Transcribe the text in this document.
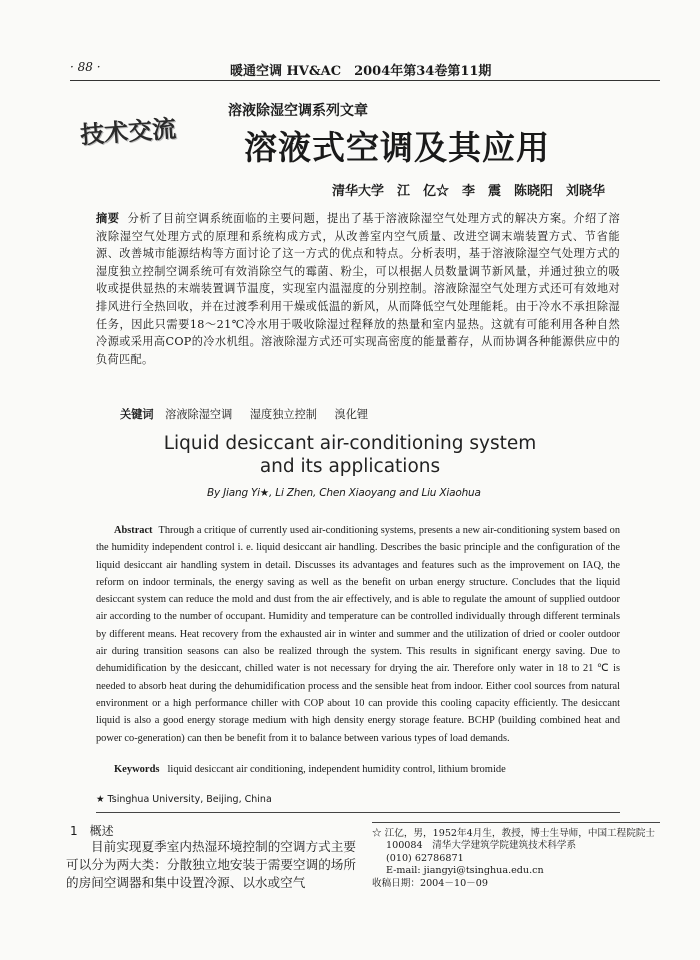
· 88 ·	暖通空调 HV&AC　2004年第34卷第11期
技术交流
溶液除湿空调系列文章
溶液式空调及其应用
清华大学　江　亿☆　李　震　陈晓阳　刘晓华
摘要 分析了目前空调系统面临的主要问题，提出了基于溶液除湿空气处理方式的解决方案。介绍了溶液除湿空气处理方式的原理和系统构成方式，从改善室内空气质量、改进空调末端装置方式、节省能源、改善城市能源结构等方面讨论了这一方式的优点和特点。分析表明，基于溶液除湿空气处理方式的湿度独立控制空调系统可有效消除空气的霉菌、粉尘，可以根据人员数量调节新风量，并通过独立的吸收或提供显热的末端装置调节温度，实现室内温湿度的分别控制。溶液除湿空气处理方式还可有效地对排风进行全热回收，并在过渡季利用干燥或低温的新风，从而降低空气处理能耗。由于冷水不承担除湿任务，因此只需要18～21℃冷水用于吸收除湿过程释放的热量和室内显热。这就有可能利用各种自然冷源或采用高COP的冷水机组。溶液除湿方式还可实现高密度的能量蓄存，从而协调各种能源供应中的负荷匹配。
关键词 溶液除湿空调 湿度独立控制 溴化锂
Liquid desiccant air-conditioning system
and its applications
By Jiang Yi★, Li Zhen, Chen Xiaoyang and Liu Xiaohua
Abstract Through a critique of currently used air-conditioning systems, presents a new air-conditioning system based on the humidity independent control i. e. liquid desiccant air handling. Describes the basic principle and the configuration of the liquid desiccant air handling system in detail. Discusses its advantages and features such as the improvement on IAQ, the reform on indoor terminals, the energy saving as well as the benefit on urban energy structure. Concludes that the liquid desiccant system can reduce the mold and dust from the air effectively, and is able to regulate the amount of supplied outdoor air according to the number of occupant. Humidity and temperature can be controlled individually through different terminals by different means. Heat recovery from the exhausted air in winter and summer and the utilization of dried or cooler outdoor air during transition seasons can also be realized through the system. This results in significant energy saving. Due to dehumidification by the desiccant, chilled water is not necessary for drying the air. Therefore only water in 18 to 21 ℃ is needed to absorb heat during the dehumidification process and the sensible heat from indoor. Either cool sources from natural environment or a high performance chiller with COP about 10 can provide this cooling capacity efficiently. The desiccant liquid is also a good energy storage medium with high density energy storage feature. BCHP (building combined heat and power co-generation) can then be benefit from it to balance between various types of load demands.
Keywords liquid desiccant air conditioning, independent humidity control, lithium bromide
★ Tsinghua University, Beijing, China
1　概述
目前实现夏季室内热湿环境控制的空调方式主要可以分为两大类：分散独立地安装于需要空调的场所的房间空调器和集中设置冷源、以水或空气
☆ 江亿，男，1952年4月生，教授，博士生导师，中国工程院院士
100084　清华大学建筑学院建筑技术科学系
(010) 62786871
E-mail: jiangyi@tsinghua.edu.cn
收稿日期：2004－10－09
